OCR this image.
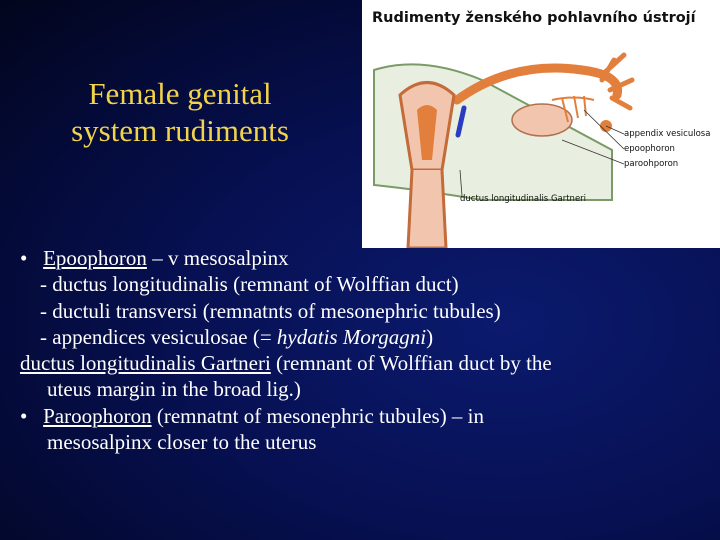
Female genital
system rudiments
Rudimenty ženského pohlavního ústrojí
appendix vesiculosa
epoophoron
paroohporon
ductus longitudinalis Gartneri
• Epoophoron – v mesosalpinx
- ductus longitudinalis (remnant of Wolffian duct)
- ductuli transversi (remnatnts of mesonephric tubules)
- appendices vesiculosae (= hydatis Morgagni)
ductus longitudinalis Gartneri (remnant of Wolffian duct by the
uteus margin in the broad lig.)
• Paroophoron (remnatnt of mesonephric tubules) – in
mesosalpinx closer to the uterus
